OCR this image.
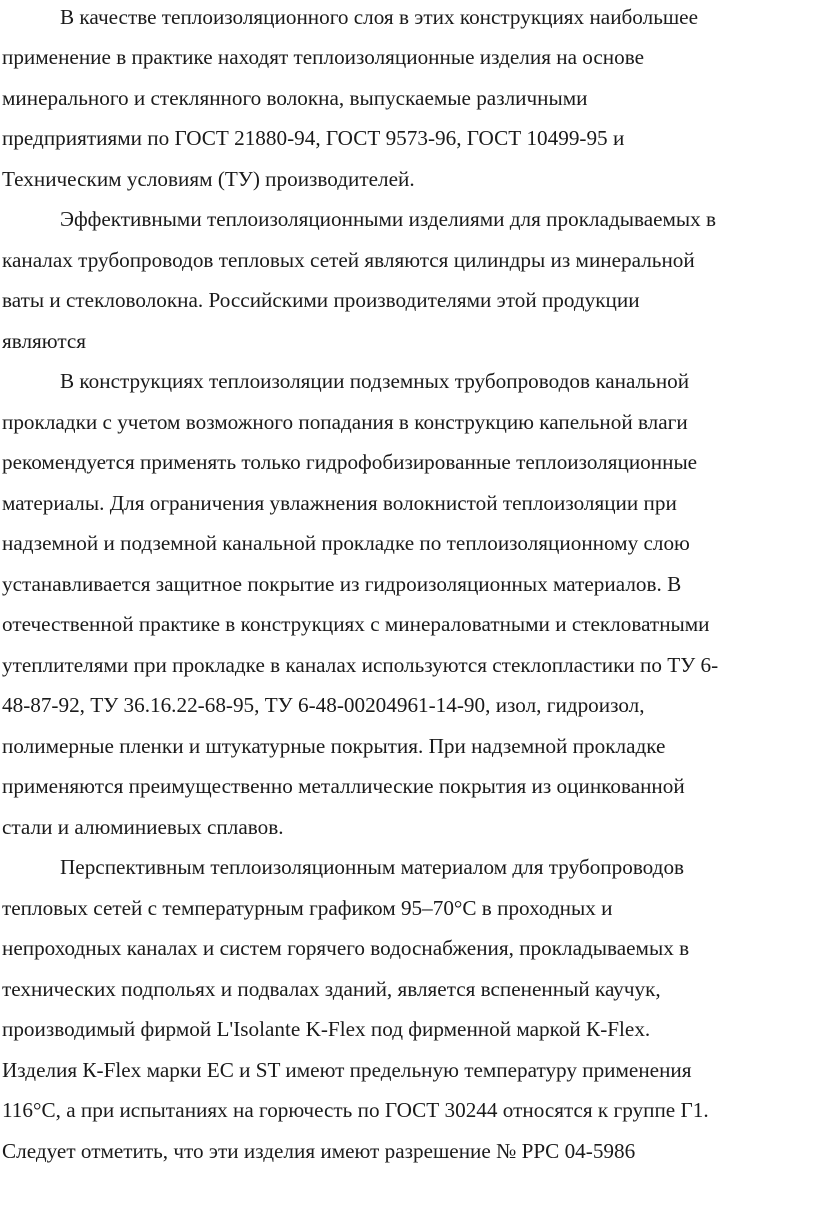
В качестве теплоизоляционного слоя в этих конструкциях наибольшее
применение в практике находят теплоизоляционные изделия на основе
минерального и стеклянного волокна, выпускаемые различными
предприятиями по ГОСТ 21880-94, ГОСТ 9573-96, ГОСТ 10499-95 и
Техническим условиям (ТУ) производителей.
Эффективными теплоизоляционными изделиями для прокладываемых в
каналах трубопроводов тепловых сетей являются цилиндры из минеральной
ваты и стекловолокна. Российскими производителями этой продукции
являются
В конструкциях теплоизоляции подземных трубопроводов канальной
прокладки с учетом возможного попадания в конструкцию капельной влаги
рекомендуется применять только гидрофобизированные теплоизоляционные
материалы. Для ограничения увлажнения волокнистой теплоизоляции при
надземной и подземной канальной прокладке по теплоизоляционному слою
устанавливается защитное покрытие из гидроизоляционных материалов. В
отечественной практике в конструкциях с минераловатными и стекловатными
утеплителями при прокладке в каналах используются стеклопластики по ТУ 6-
48-87-92, ТУ 36.16.22-68-95, ТУ 6-48-00204961-14-90, изол, гидроизол,
полимерные пленки и штукатурные покрытия. При надземной прокладке
применяются преимущественно металлические покрытия из оцинкованной
стали и алюминиевых сплавов.
Перспективным теплоизоляционным материалом для трубопроводов
тепловых сетей с температурным графиком 95–70°С в проходных и
непроходных каналах и систем горячего водоснабжения, прокладываемых в
технических подпольях и подвалах зданий, является вспененный каучук,
производимый фирмой L'Isolante K-Flex под фирменной маркой К-Flex.
Изделия К-Flex марки ЕС и ST имеют предельную температуру применения
116°С, а при испытаниях на горючесть по ГОСТ 30244 относятся к группе Г1.
Следует отметить, что эти изделия имеют разрешение № PPC 04-5986
